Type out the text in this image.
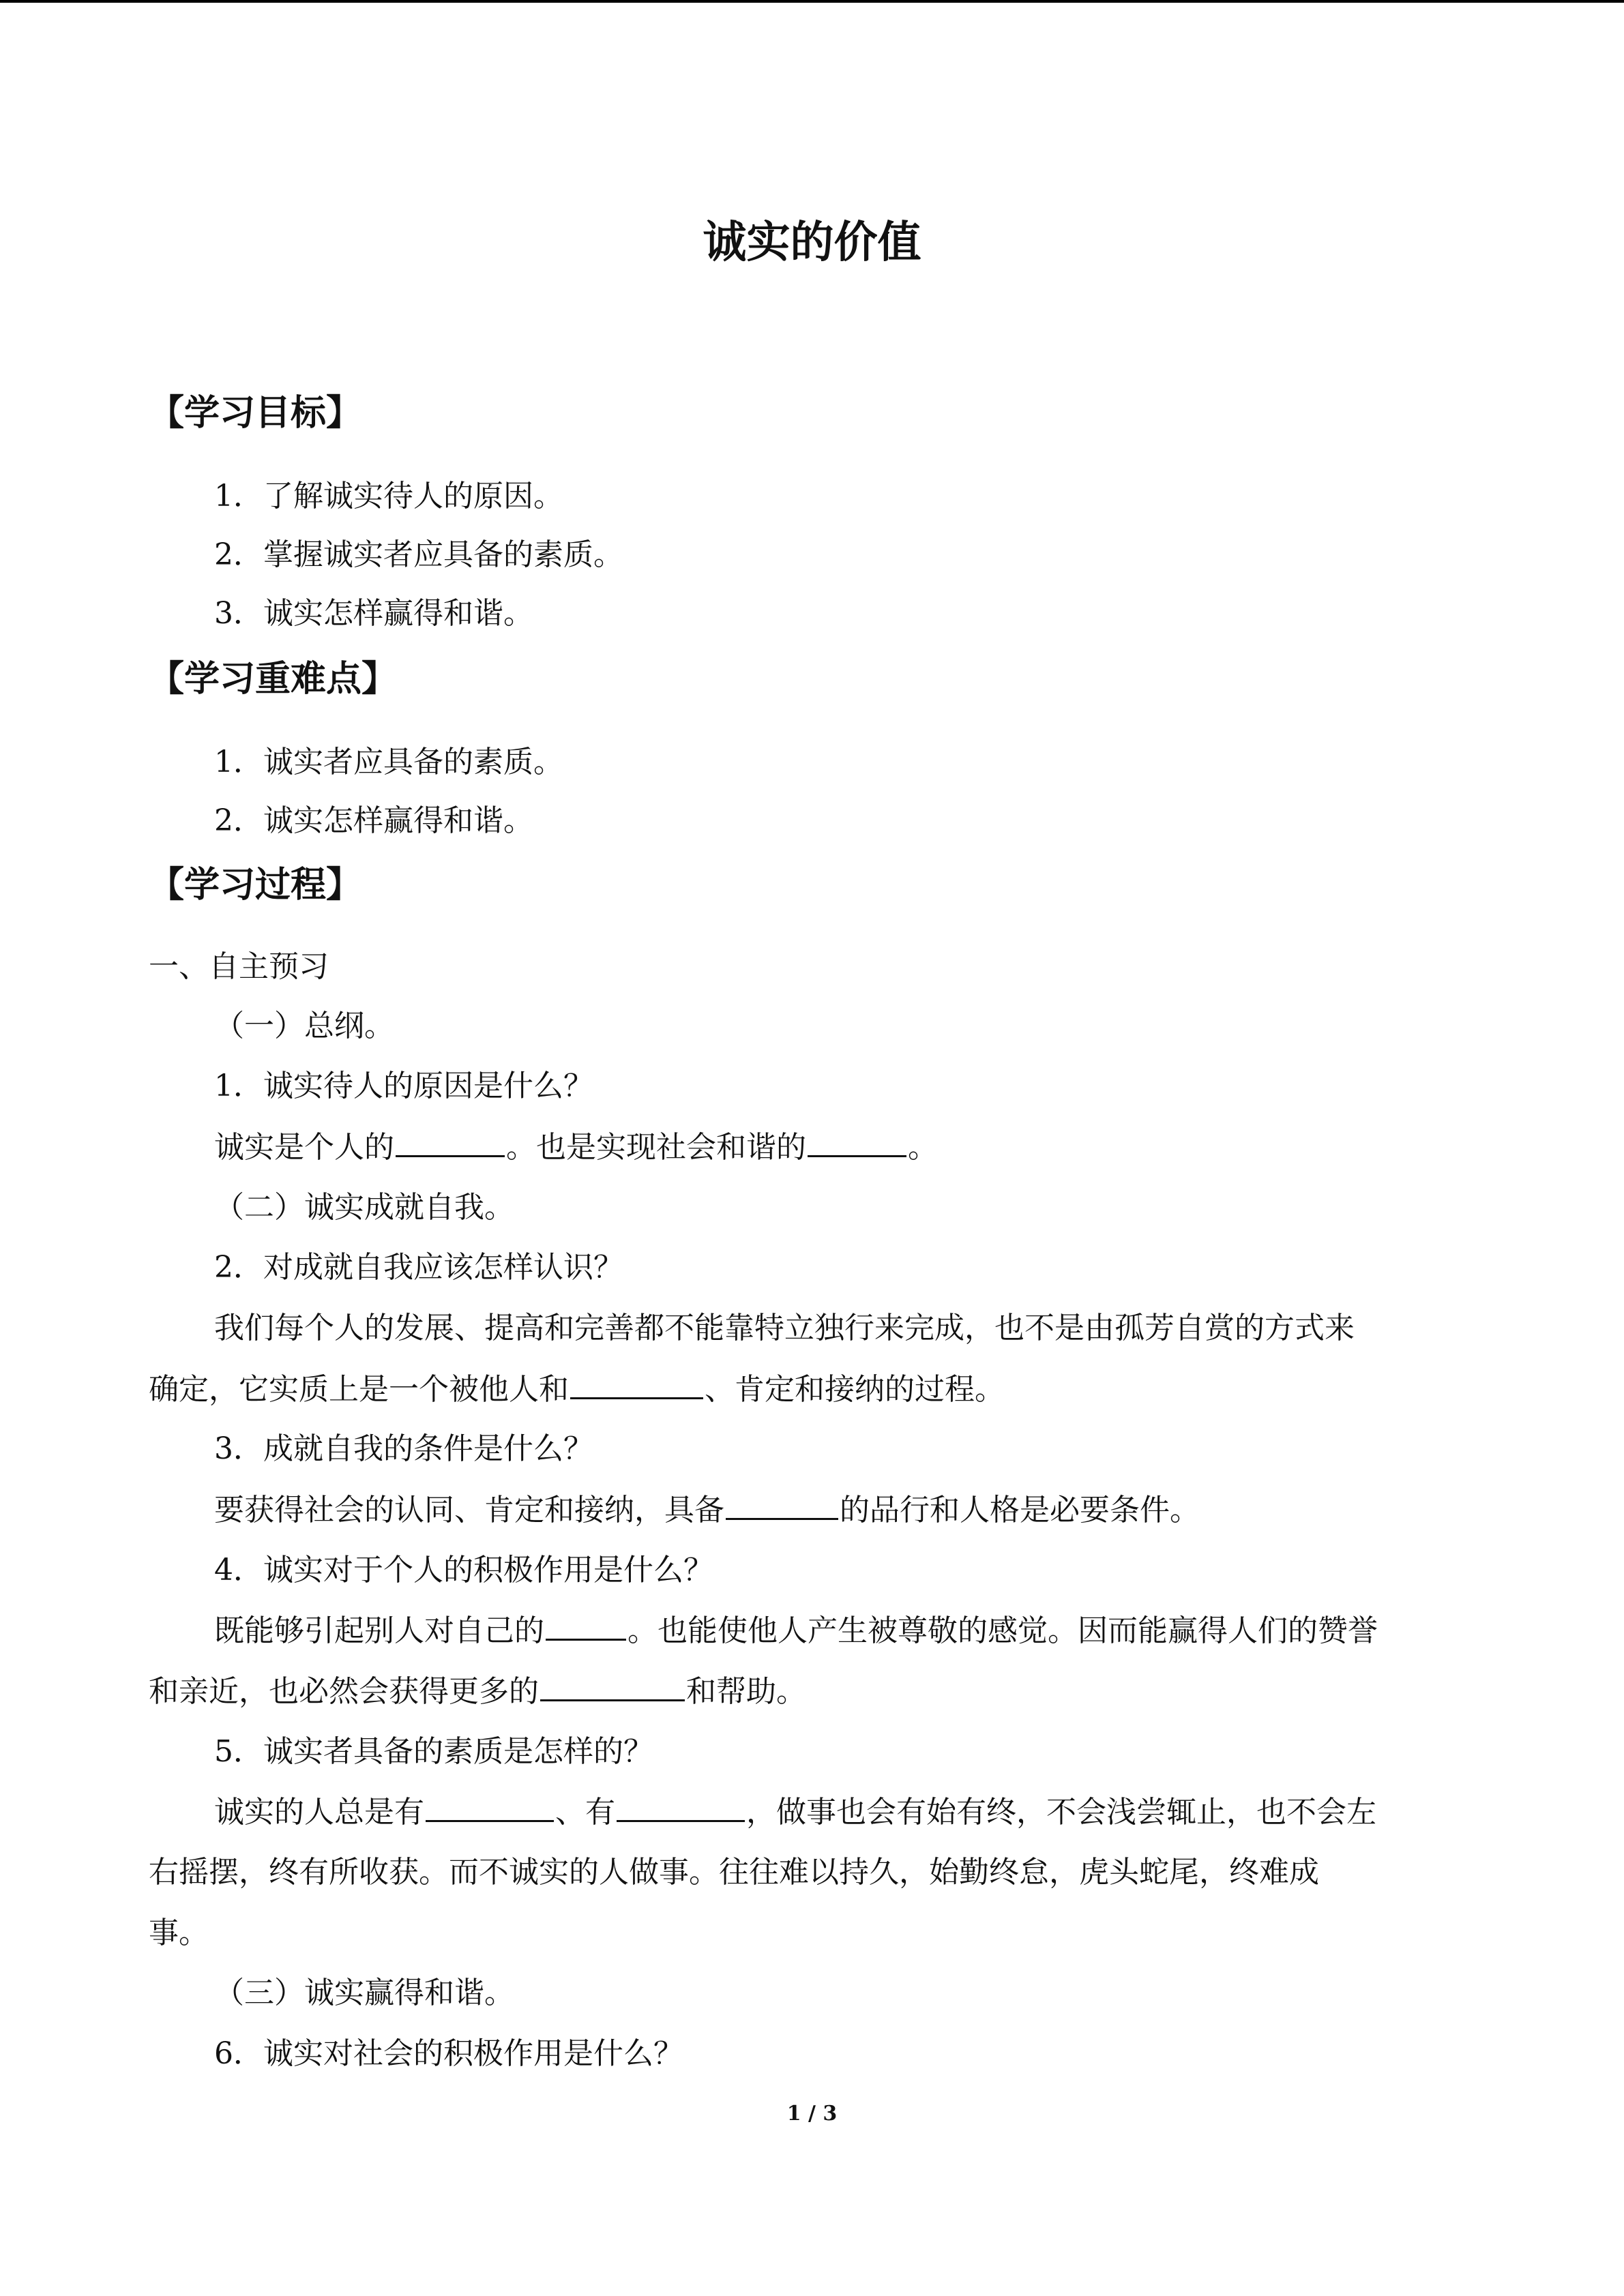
诚实的价值
【学习目标】
1．了解诚实待人的原因。
2．掌握诚实者应具备的素质。
3．诚实怎样赢得和谐。
【学习重难点】
1．诚实者应具备的素质。
2．诚实怎样赢得和谐。
【学习过程】
一、自主预习
（一）总纲。
1．诚实待人的原因是什么？
诚实是个人的	。也是实现社会和谐的	。
（二）诚实成就自我。
2．对成就自我应该怎样认识？
我们每个人的发展、提高和完善都不能靠特立独行来完成，也不是由孤芳自赏的方式来
确定，它实质上是一个被他人和	、肯定和接纳的过程。
3．成就自我的条件是什么？
要获得社会的认同、肯定和接纳，具备	的品行和人格是必要条件。
4．诚实对于个人的积极作用是什么？
既能够引起别人对自己的	。也能使他人产生被尊敬的感觉。因而能赢得人们的赞誉
和亲近，也必然会获得更多的	和帮助。
5．诚实者具备的素质是怎样的？
诚实的人总是有	、有	，做事也会有始有终，不会浅尝辄止，也不会左
右摇摆，终有所收获。而不诚实的人做事。往往难以持久，始勤终怠，虎头蛇尾，终难成
事。
（三）诚实赢得和谐。
6．诚实对社会的积极作用是什么？
1 / 3
